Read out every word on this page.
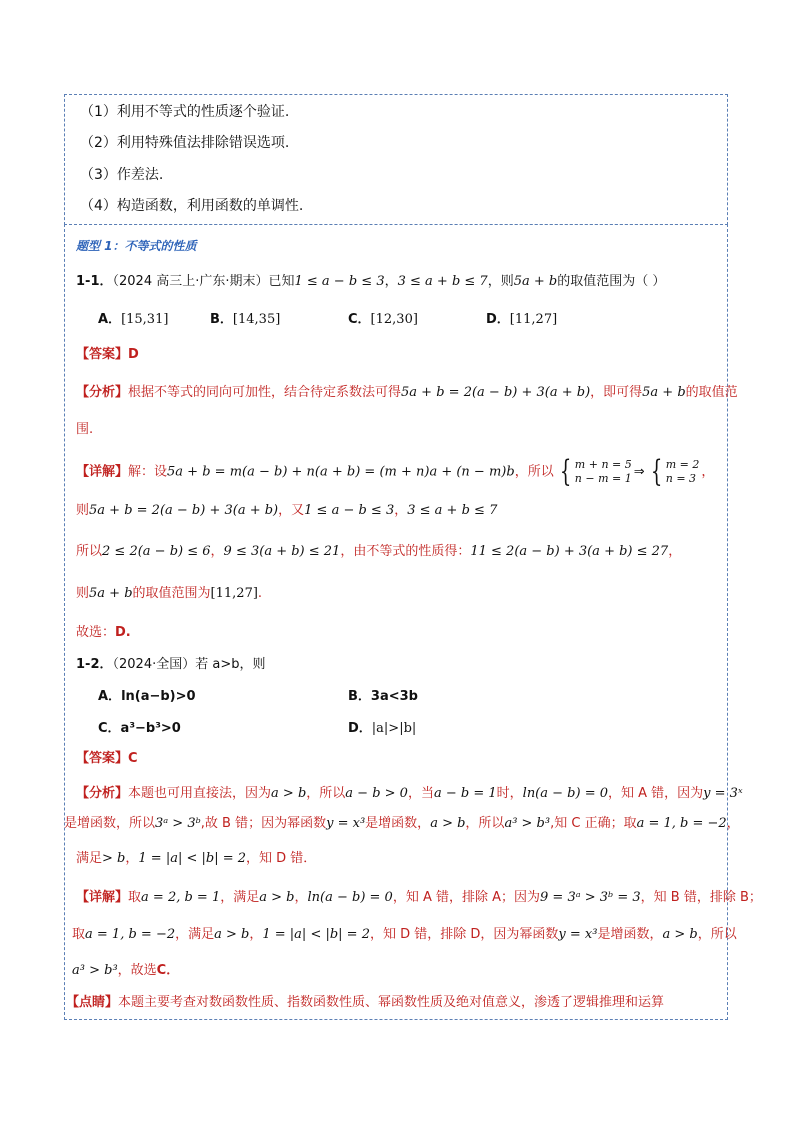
（1）利用不等式的性质逐个验证.
（2）利用特殊值法排除错误选项.
（3）作差法.
（4）构造函数，利用函数的单调性.
题型 1：不等式的性质
1-1．（2024 高三上·广东·期末）已知1 ≤ a − b ≤ 3，3 ≤ a + b ≤ 7，则5a + b的取值范围为（ ）
A．[15,31]	B．[14,35]	C．[12,30]	D．[11,27]
【答案】D
【分析】根据不等式的同向可加性，结合待定系数法可得5a + b = 2(a − b) + 3(a + b)，即可得5a + b的取值范
围.
【详解】解：设5a + b = m(a − b) + n(a + b) = (m + n)a + (n − m)b，所以 { m + n = 5
n − m = 1 ⇒ { m = 2
n = 3 ，
则5a + b = 2(a − b) + 3(a + b)，又1 ≤ a − b ≤ 3，3 ≤ a + b ≤ 7
所以2 ≤ 2(a − b) ≤ 6，9 ≤ 3(a + b) ≤ 21，由不等式的性质得：11 ≤ 2(a − b) + 3(a + b) ≤ 27，
则5a + b的取值范围为[11,27].
故选：D.
1-2．（2024·全国）若 a>b，则
A．ln(a−b)>0	B．3a<3b
C．a³−b³>0	D．|a|>|b|
【答案】C
【分析】本题也可用直接法，因为a > b，所以a − b > 0，当a − b = 1时，ln(a − b) = 0，知 A 错，因为y = 3ˣ
是增函数，所以3ᵃ > 3ᵇ,故 B 错；因为幂函数y = x³是增函数，a > b，所以a³ > b³,知 C 正确；取a = 1, b = −2，
满足> b，1 = |a| < |b| = 2，知 D 错．
【详解】取a = 2, b = 1，满足a > b，ln(a − b) = 0，知 A 错，排除 A；因为9 = 3ᵃ > 3ᵇ = 3，知 B 错，排除 B；
取a = 1, b = −2，满足a > b，1 = |a| < |b| = 2，知 D 错，排除 D，因为幂函数y = x³是增函数，a > b，所以
a³ > b³，故选C．
【点睛】本题主要考查对数函数性质、指数函数性质、幂函数性质及绝对值意义，渗透了逻辑推理和运算
